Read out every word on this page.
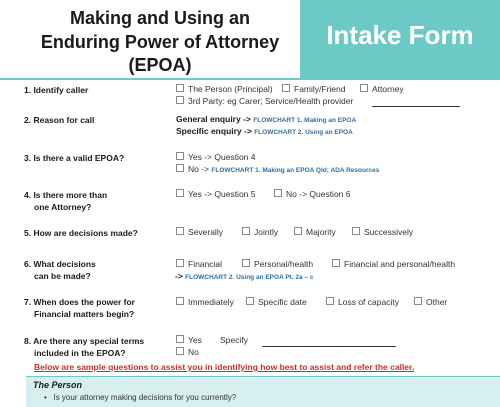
Making and Using an
Enduring Power of Attorney
(EPOA)
Intake Form
1. Identify caller	The Person (Principal)	Family/Friend	Attorney
3rd Party: eg Carer; Service/Health provider
2. Reason for call	General enquiry -> FLOWCHART 1. Making an EPOA
Specific enquiry -> FLOWCHART 2. Using an EPOA
3. Is there a valid EPOA?	Yes -> Question 4
No -> FLOWCHART 1. Making an EPOA Qld; ADA Resources
4. Is there more than
one Attorney?
Yes -> Question 5	No -> Question 6
5. How are decisions made?	Severally	Jointly	Majority	Successively
6. What decisions
can be made?
Financial	Personal/health	Financial and personal/health
-> FLOWCHART 2. Using an EPOA Pt. 2a – c
7. When does the power for
Financial matters begin?
Immediately	Specific date	Loss of capacity	Other
8. Are there any special terms
included in the EPOA?
Yes Specify
No
Below are sample questions to assist you in identifying how best to assist and refer the caller.
The Person
•   Is your attorney making decisions for you currently?
